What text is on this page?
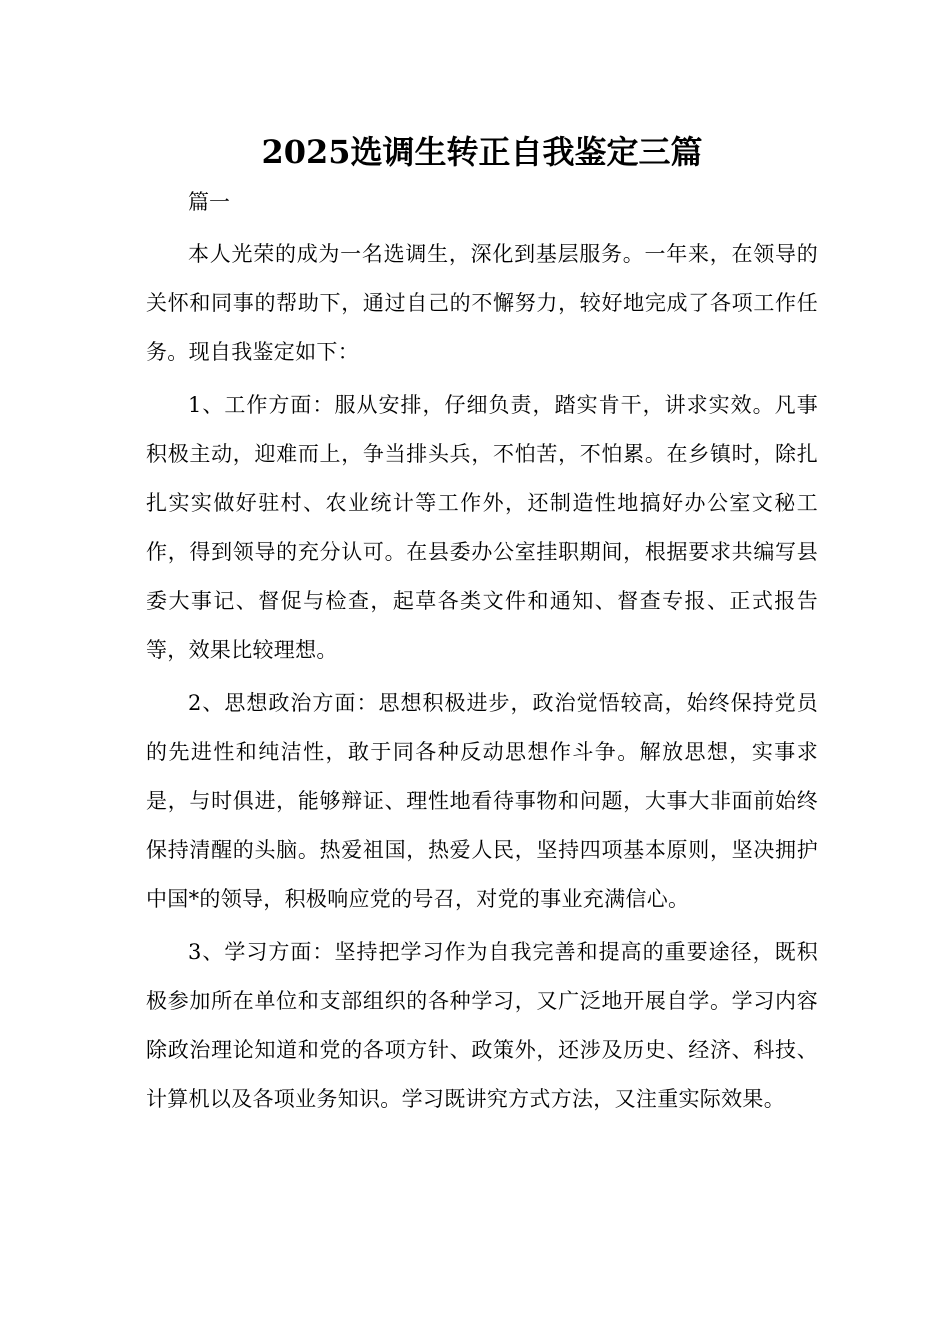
2025选调生转正自我鉴定三篇

篇一

本人光荣的成为一名选调生，深化到基层服务。一年来，在领导的关怀和同事的帮助下，通过自己的不懈努力，较好地完成了各项工作任务。现自我鉴定如下：

1、工作方面：服从安排，仔细负责，踏实肯干，讲求实效。凡事积极主动，迎难而上，争当排头兵，不怕苦，不怕累。在乡镇时，除扎扎实实做好驻村、农业统计等工作外，还制造性地搞好办公室文秘工作，得到领导的充分认可。在县委办公室挂职期间，根据要求共编写县委大事记、督促与检查，起草各类文件和通知、督查专报、正式报告等，效果比较理想。

2、思想政治方面：思想积极进步，政治觉悟较高，始终保持党员的先进性和纯洁性，敢于同各种反动思想作斗争。解放思想，实事求是，与时俱进，能够辩证、理性地看待事物和问题，大事大非面前始终保持清醒的头脑。热爱祖国，热爱人民，坚持四项基本原则，坚决拥护中国*的领导，积极响应党的号召，对党的事业充满信心。

3、学习方面：坚持把学习作为自我完善和提高的重要途径，既积极参加所在单位和支部组织的各种学习，又广泛地开展自学。学习内容除政治理论知道和党的各项方针、政策外，还涉及历史、经济、科技、计算机以及各项业务知识。学习既讲究方式方法，又注重实际效果。
